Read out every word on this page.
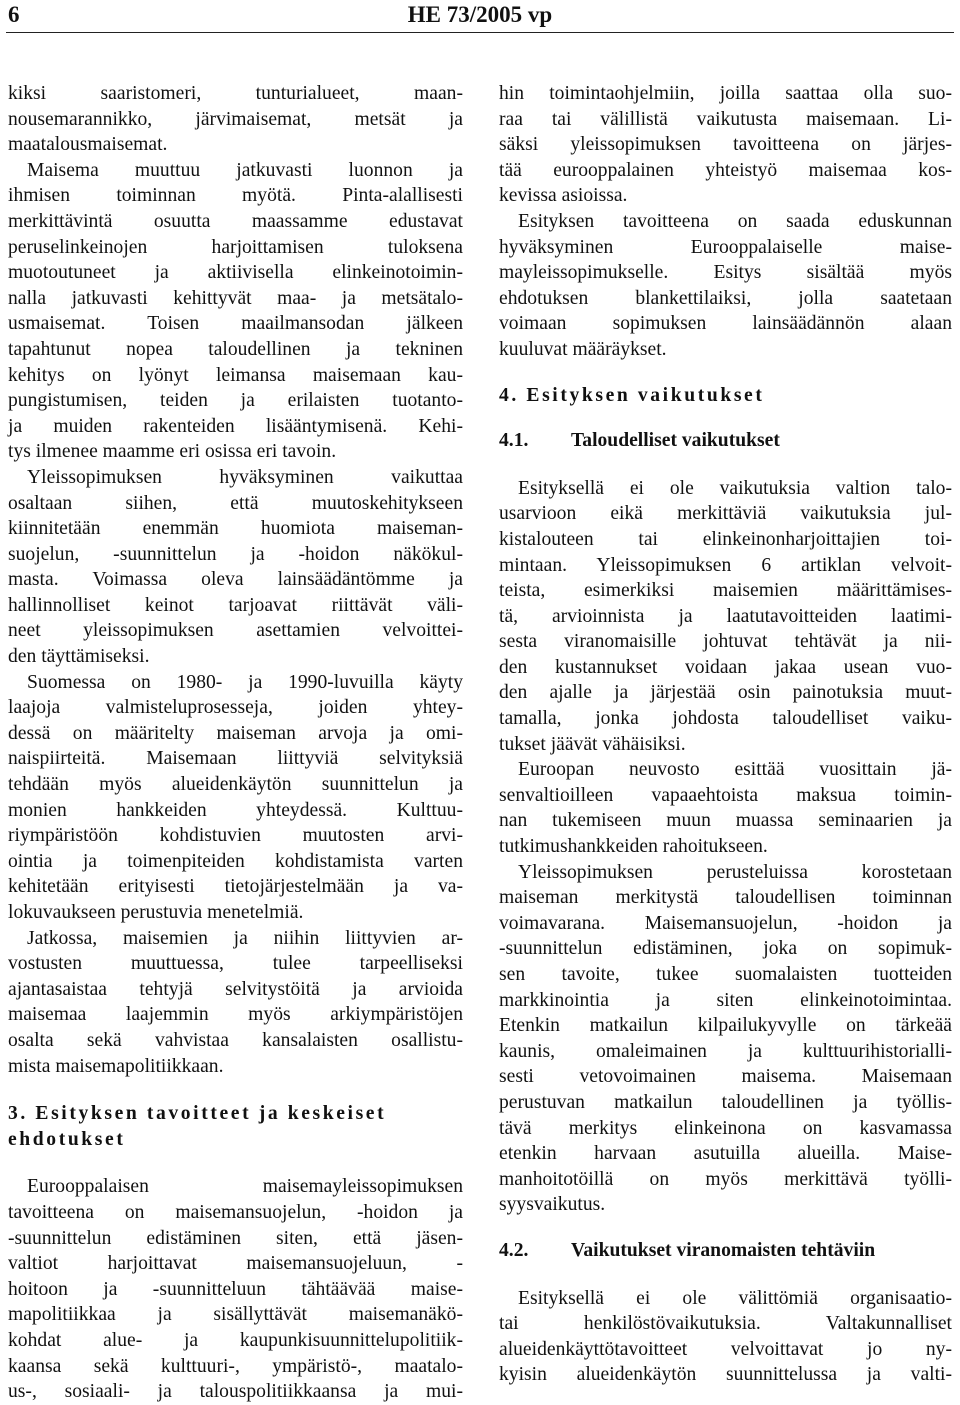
6	HE 73/2005 vp
kiksi saaristomeri, tunturialueet, maan-
nousemarannikko, järvimaisemat, metsät ja
maatalousmaisemat.
Maisema muuttuu jatkuvasti luonnon ja
ihmisen toiminnan myötä. Pinta-alallisesti
merkittävintä osuutta maassamme edustavat
peruselinkeinojen harjoittamisen tuloksena
muotoutuneet ja aktiivisella elinkeinotoimin-
nalla jatkuvasti kehittyvät maa- ja metsätalo-
usmaisemat. Toisen maailmansodan jälkeen
tapahtunut nopea taloudellinen ja tekninen
kehitys on lyönyt leimansa maisemaan kau-
pungistumisen, teiden ja erilaisten tuotanto-
ja muiden rakenteiden lisääntymisenä. Kehi-
tys ilmenee maamme eri osissa eri tavoin.
Yleissopimuksen hyväksyminen vaikuttaa
osaltaan siihen, että muutoskehitykseen
kiinnitetään enemmän huomiota maiseman-
suojelun, -suunnittelun ja -hoidon näkökul-
masta. Voimassa oleva lainsäädäntömme ja
hallinnolliset keinot tarjoavat riittävät väli-
neet yleissopimuksen asettamien velvoittei-
den täyttämiseksi.
Suomessa on 1980- ja 1990-luvuilla käyty
laajoja valmisteluprosesseja, joiden yhtey-
dessä on määritelty maiseman arvoja ja omi-
naispiirteitä. Maisemaan liittyviä selvityksiä
tehdään myös alueidenkäytön suunnittelun ja
monien hankkeiden yhteydessä. Kulttuu-
riympäristöön kohdistuvien muutosten arvi-
ointia ja toimenpiteiden kohdistamista varten
kehitetään erityisesti tietojärjestelmään ja va-
lokuvaukseen perustuvia menetelmiä.
Jatkossa, maisemien ja niihin liittyvien ar-
vostusten muuttuessa, tulee tarpeelliseksi
ajantasaistaa tehtyjä selvitystöitä ja arvioida
maisemaa laajemmin myös arkiympäristöjen
osalta sekä vahvistaa kansalaisten osallistu-
mista maisemapolitiikkaan.
3. Esityksen tavoitteet ja keskeiset
ehdotukset
Eurooppalaisen maisemayleissopimuksen
tavoitteena on maisemansuojelun, -hoidon ja
-suunnittelun edistäminen siten, että jäsen-
valtiot harjoittavat maisemansuojeluun, -
hoitoon ja -suunnitteluun tähtäävää maise-
mapolitiikkaa ja sisällyttävät maisemanäkö-
kohdat alue- ja kaupunkisuunnittelupolitiik-
kaansa sekä kulttuuri-, ympäristö-, maatalo-
us-, sosiaali- ja talouspolitiikkaansa ja mui-
hin toimintaohjelmiin, joilla saattaa olla suo-
raa tai välillistä vaikutusta maisemaan. Li-
säksi yleissopimuksen tavoitteena on järjes-
tää eurooppalainen yhteistyö maisemaa kos-
kevissa asioissa.
Esityksen tavoitteena on saada eduskunnan
hyväksyminen Eurooppalaiselle maise-
mayleissopimukselle. Esitys sisältää myös
ehdotuksen blankettilaiksi, jolla saatetaan
voimaan sopimuksen lainsäädännön alaan
kuuluvat määräykset.
4. Esityksen vaikutukset
4.1. Taloudelliset vaikutukset
Esityksellä ei ole vaikutuksia valtion talo-
usarvioon eikä merkittäviä vaikutuksia jul-
kistalouteen tai elinkeinonharjoittajien toi-
mintaan. Yleissopimuksen 6 artiklan velvoit-
teista, esimerkiksi maisemien määrittämises-
tä, arvioinnista ja laatutavoitteiden laatimi-
sesta viranomaisille johtuvat tehtävät ja nii-
den kustannukset voidaan jakaa usean vuo-
den ajalle ja järjestää osin painotuksia muut-
tamalla, jonka johdosta taloudelliset vaiku-
tukset jäävät vähäisiksi.
Euroopan neuvosto esittää vuosittain jä-
senvaltioilleen vapaaehtoista maksua toimin-
nan tukemiseen muun muassa seminaarien ja
tutkimushankkeiden rahoitukseen.
Yleissopimuksen perusteluissa korostetaan
maiseman merkitystä taloudellisen toiminnan
voimavarana. Maisemansuojelun, -hoidon ja
-suunnittelun edistäminen, joka on sopimuk-
sen tavoite, tukee suomalaisten tuotteiden
markkinointia ja siten elinkeinotoimintaa.
Etenkin matkailun kilpailukyvylle on tärkeää
kaunis, omaleimainen ja kulttuurihistorialli-
sesti vetovoimainen maisema. Maisemaan
perustuvan matkailun taloudellinen ja työllis-
tävä merkitys elinkeinona on kasvamassa
etenkin harvaan asutuilla alueilla. Maise-
manhoitotöillä on myös merkittävä työlli-
syysvaikutus.
4.2. Vaikutukset viranomaisten tehtäviin
Esityksellä ei ole välittömiä organisaatio-
tai henkilöstövaikutuksia. Valtakunnalliset
alueidenkäyttötavoitteet velvoittavat jo ny-
kyisin alueidenkäytön suunnittelussa ja valti-
